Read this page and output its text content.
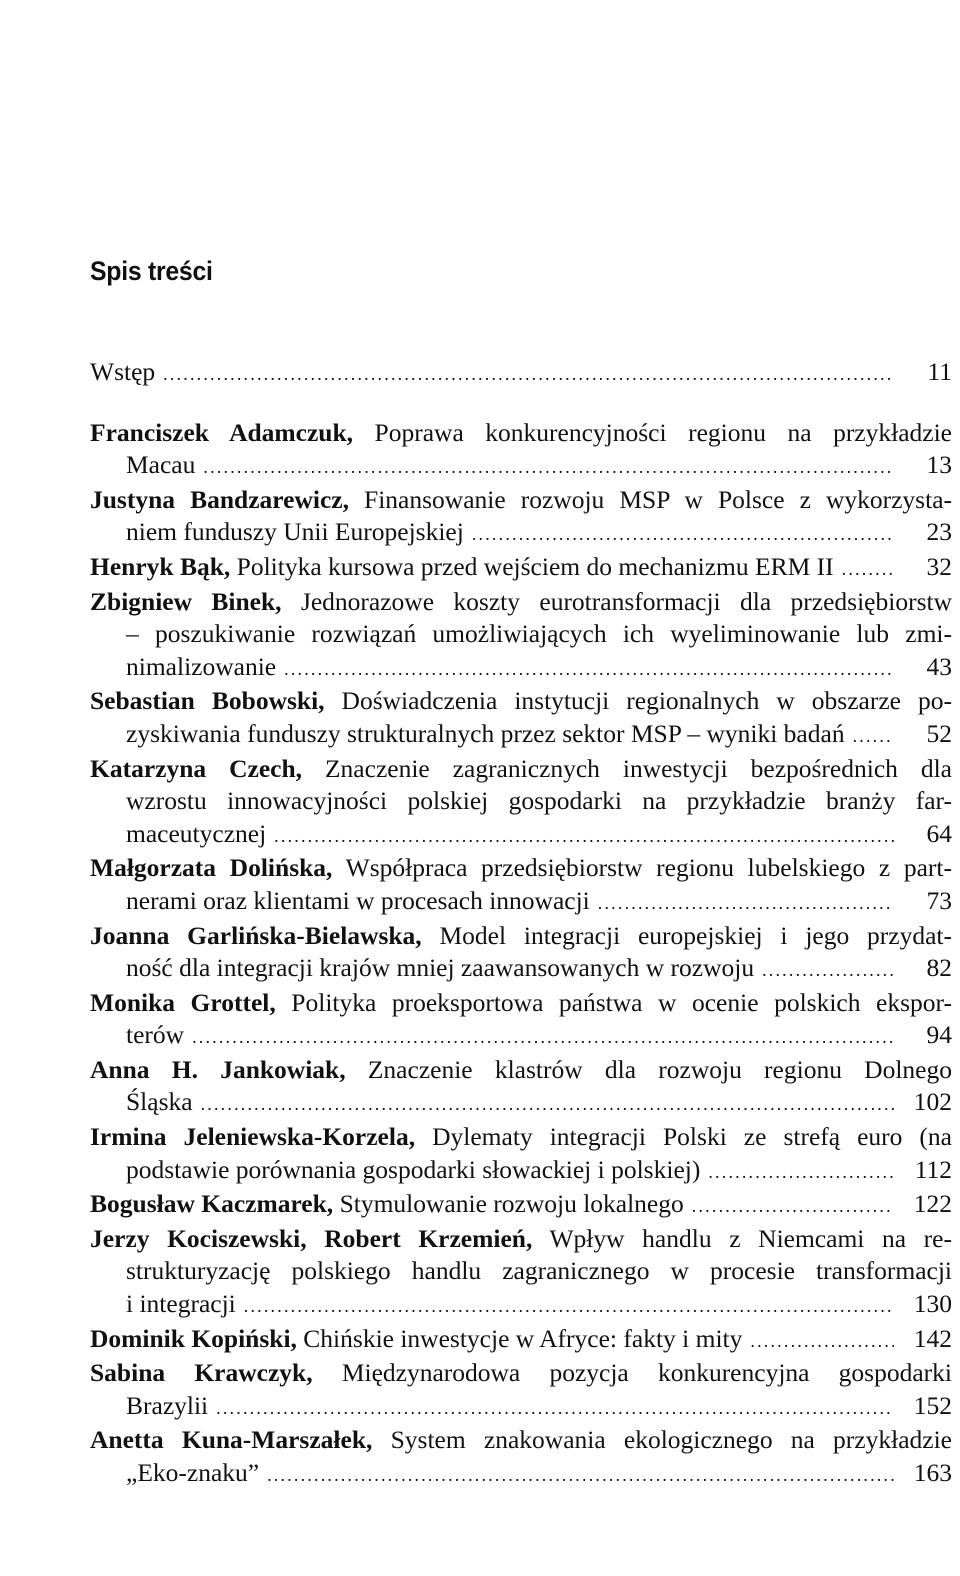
Spis treści
Wstęp .....	11
Franciszek Adamczuk, Poprawa konkurencyjności regionu na przykładzie
Macau .....	13
Justyna Bandzarewicz, Finansowanie rozwoju MSP w Polsce z wykorzysta-
niem funduszy Unii Europejskiej .....	23
Henryk Bąk, Polityka kursowa przed wejściem do mechanizmu ERM II .....	32
Zbigniew Binek, Jednorazowe koszty eurotransformacji dla przedsiębiorstw
– poszukiwanie rozwiązań umożliwiających ich wyeliminowanie lub zmi-
nimalizowanie .....	43
Sebastian Bobowski, Doświadczenia instytucji regionalnych w obszarze po-
zyskiwania funduszy strukturalnych przez sektor MSP – wyniki badań .....	52
Katarzyna Czech, Znaczenie zagranicznych inwestycji bezpośrednich dla
wzrostu innowacyjności polskiej gospodarki na przykładzie branży far-
maceutycznej .....	64
Małgorzata Dolińska, Współpraca przedsiębiorstw regionu lubelskiego z part-
nerami oraz klientami w procesach innowacji .....	73
Joanna Garlińska-Bielawska, Model integracji europejskiej i jego przydat-
ność dla integracji krajów mniej zaawansowanych w rozwoju .....	82
Monika Grottel, Polityka proeksportowa państwa w ocenie polskich ekspor-
terów .....	94
Anna H. Jankowiak, Znaczenie klastrów dla rozwoju regionu Dolnego
Śląska .....	102
Irmina Jeleniewska-Korzela, Dylematy integracji Polski ze strefą euro (na
podstawie porównania gospodarki słowackiej i polskiej) .....	112
Bogusław Kaczmarek, Stymulowanie rozwoju lokalnego .....	122
Jerzy Kociszewski, Robert Krzemień, Wpływ handlu z Niemcami na re-
strukturyzację polskiego handlu zagranicznego w procesie transformacji
i integracji .....	130
Dominik Kopiński, Chińskie inwestycje w Afryce: fakty i mity .....	142
Sabina Krawczyk, Międzynarodowa pozycja konkurencyjna gospodarki
Brazylii .....	152
Anetta Kuna-Marszałek, System znakowania ekologicznego na przykładzie
„Eko-znaku” .....	163
